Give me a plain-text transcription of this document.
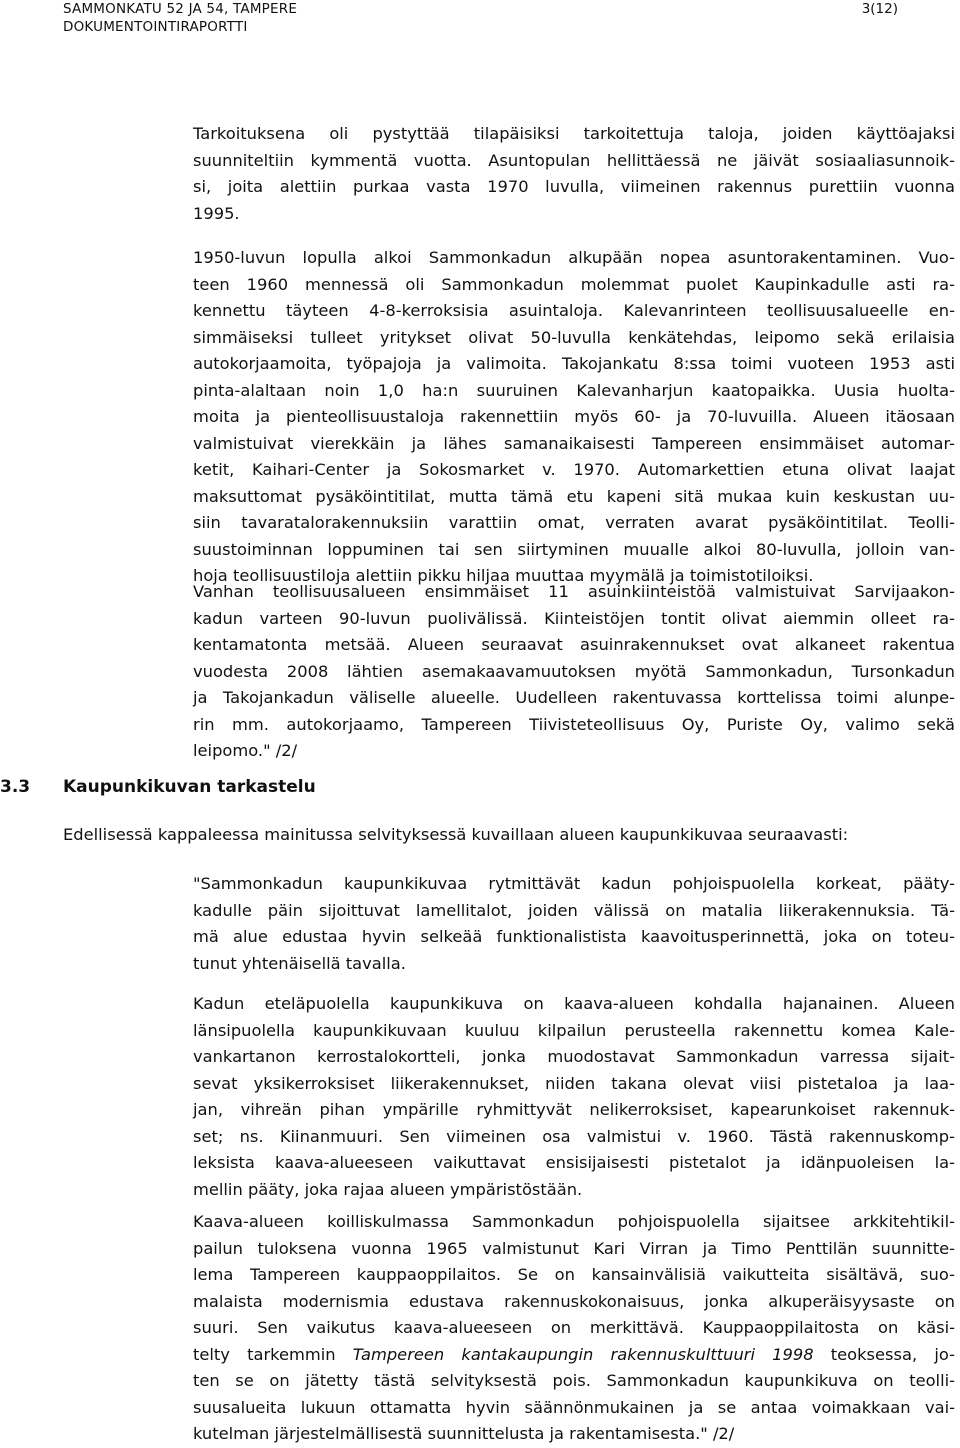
SAMMONKATU 52 JA 54, TAMPERE
DOKUMENTOINTIRAPORTTI
3(12)
Tarkoituksena oli pystyttää tilapäisiksi tarkoitettuja taloja, joiden käyttöajaksi
suunniteltiin kymmentä vuotta. Asuntopulan hellittäessä ne jäivät sosiaaliasunnoik-
si, joita alettiin purkaa vasta 1970 luvulla, viimeinen rakennus purettiin vuonna
1995.
1950-luvun lopulla alkoi Sammonkadun alkupään nopea asuntorakentaminen. Vuo-
teen 1960 mennessä oli Sammonkadun molemmat puolet Kaupinkadulle asti ra-
kennettu täyteen 4-8-kerroksisia asuintaloja. Kalevanrinteen teollisuusalueelle en-
simmäiseksi tulleet yritykset olivat 50-luvulla kenkätehdas, leipomo sekä erilaisia
autokorjaamoita, työpajoja ja valimoita. Takojankatu 8:ssa toimi vuoteen 1953 asti
pinta-alaltaan noin 1,0 ha:n suuruinen Kalevanharjun kaatopaikka. Uusia huolta-
moita ja pienteollisuustaloja rakennettiin myös 60- ja 70-luvuilla. Alueen itäosaan
valmistuivat vierekkäin ja lähes samanaikaisesti Tampereen ensimmäiset automar-
ketit, Kaihari-Center ja Sokosmarket v. 1970. Automarkettien etuna olivat laajat
maksuttomat pysäköintitilat, mutta tämä etu kapeni sitä mukaa kuin keskustan uu-
siin tavaratalorakennuksiin varattiin omat, verraten avarat pysäköintitilat. Teolli-
suustoiminnan loppuminen tai sen siirtyminen muualle alkoi 80-luvulla, jolloin van-
hoja teollisuustiloja alettiin pikku hiljaa muuttaa myymälä ja toimistotiloiksi.
Vanhan teollisuusalueen ensimmäiset 11 asuinkiinteistöä valmistuivat Sarvijaakon-
kadun varteen 90-luvun puolivälissä. Kiinteistöjen tontit olivat aiemmin olleet ra-
kentamatonta metsää. Alueen seuraavat asuinrakennukset ovat alkaneet rakentua
vuodesta 2008 lähtien asemakaavamuutoksen myötä Sammonkadun, Tursonkadun
ja Takojankadun väliselle alueelle. Uudelleen rakentuvassa korttelissa toimi alunpe-
rin mm. autokorjaamo, Tampereen Tiivisteteollisuus Oy, Puriste Oy, valimo sekä
leipomo." /2/
3.3 Kaupunkikuvan tarkastelu
Edellisessä kappaleessa mainitussa selvityksessä kuvaillaan alueen kaupunkikuvaa seuraavasti:
"Sammonkadun kaupunkikuvaa rytmittävät kadun pohjoispuolella korkeat, pääty-
kadulle päin sijoittuvat lamellitalot, joiden välissä on matalia liikerakennuksia. Tä-
mä alue edustaa hyvin selkeää funktionalistista kaavoitusperinnettä, joka on toteu-
tunut yhtenäisellä tavalla.
Kadun eteläpuolella kaupunkikuva on kaava-alueen kohdalla hajanainen. Alueen
länsipuolella kaupunkikuvaan kuuluu kilpailun perusteella rakennettu komea Kale-
vankartanon kerrostalokortteli, jonka muodostavat Sammonkadun varressa sijait-
sevat yksikerroksiset liikerakennukset, niiden takana olevat viisi pistetaloa ja laa-
jan, vihreän pihan ympärille ryhmittyvät nelikerroksiset, kapearunkoiset rakennuk-
set; ns. Kiinanmuuri. Sen viimeinen osa valmistui v. 1960. Tästä rakennuskomp-
leksista kaava-alueeseen vaikuttavat ensisijaisesti pistetalot ja idänpuoleisen la-
mellin pääty, joka rajaa alueen ympäristöstään.
Kaava-alueen koilliskulmassa Sammonkadun pohjoispuolella sijaitsee arkkitehtikil-
pailun tuloksena vuonna 1965 valmistunut Kari Virran ja Timo Penttilän suunnitte-
lema Tampereen kauppaoppilaitos. Se on kansainvälisiä vaikutteita sisältävä, suo-
malaista modernismia edustava rakennuskokonaisuus, jonka alkuperäisyysaste on
suuri. Sen vaikutus kaava-alueeseen on merkittävä. Kauppaoppilaitosta on käsi-
telty tarkemmin Tampereen kantakaupungin rakennuskulttuuri 1998 teoksessa, jo-
ten se on jätetty tästä selvityksestä pois. Sammonkadun kaupunkikuva on teolli-
suusalueita lukuun ottamatta hyvin säännönmukainen ja se antaa voimakkaan vai-
kutelman järjestelmällisestä suunnittelusta ja rakentamisesta." /2/
